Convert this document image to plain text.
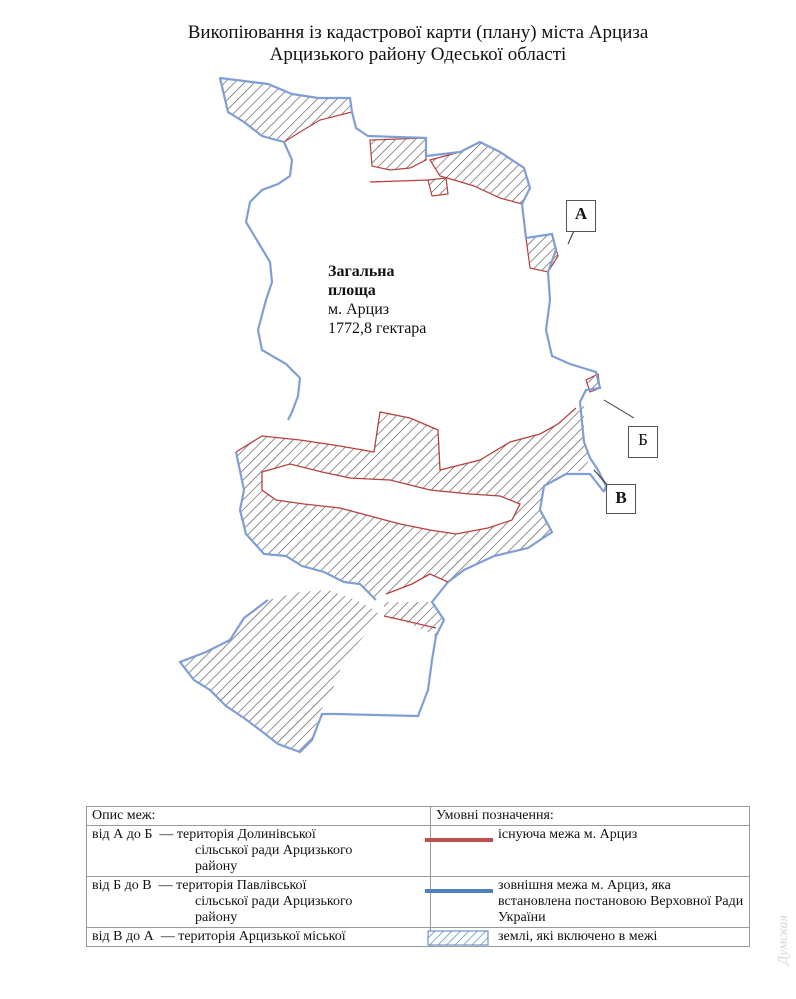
Викопіювання із кадастрової карти (плану) міста Арциза
Арцизького району Одеської області
А
Б
В
Загальна
площа
м. Арциз
1772,8 гектара
Опис меж:	Умовні позначення:	

від А до Б — територія Долинівської
сільської ради Арцизького
району		існуюча межа м. Арциз

від Б до В — територія Павлівської
сільської ради Арцизького
району		зовнішня межа м. Арциз, яка встановлена постановою Верховної Ради України

від В до А — територія Арцизької міської		землі, які включено в межі	Думская
